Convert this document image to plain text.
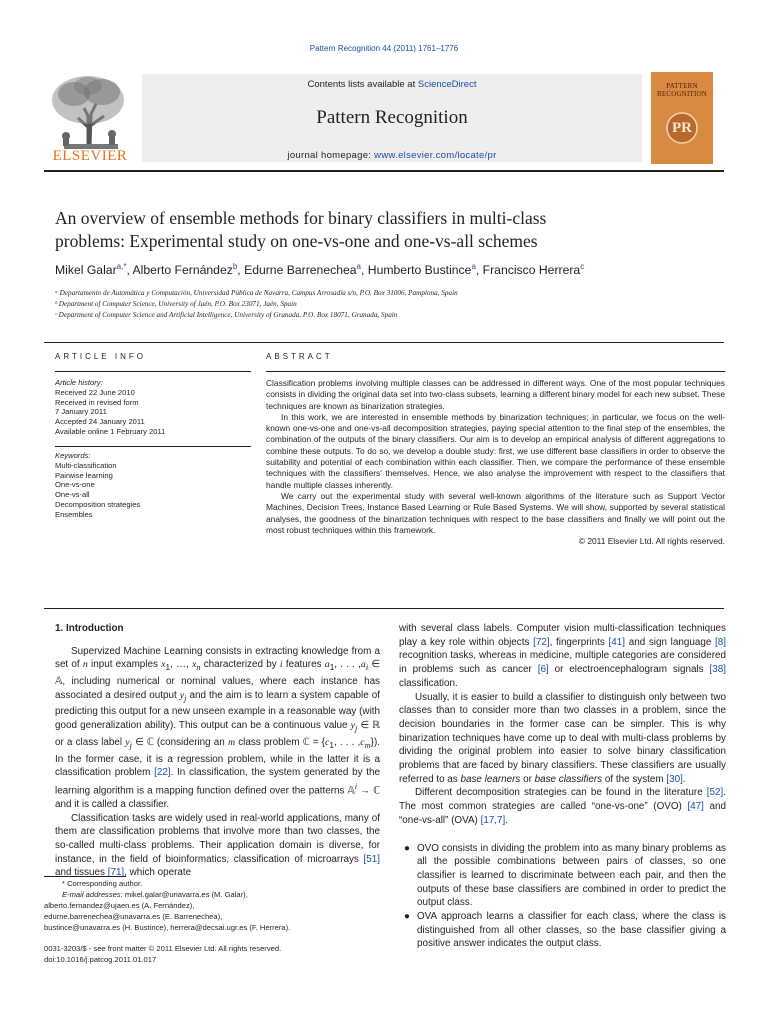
Pattern Recognition 44 (2011) 1761–1776
ELSEVIER
Contents lists available at ScienceDirect
Pattern Recognition
journal homepage: www.elsevier.com/locate/pr
PATTERN RECOGNITION
PR
An overview of ensemble methods for binary classifiers in multi-class
problems: Experimental study on one-vs-one and one-vs-all schemes
Mikel Galar$^{a,*}$, Alberto Fernández$^b$, Edurne Barrenechea$^a$, Humberto Bustince$^a$, Francisco Herrera$^c$
ᵃ Departamento de Automática y Computación, Universidad Pública de Navarra, Campus Arrosadía s/n, P.O. Box 31006, Pamplona, Spain
ᵇ Department of Computer Science, University of Jaén, P.O. Box 23071, Jaén, Spain
ᶜ Department of Computer Science and Artificial Intelligence, University of Granada, P.O. Box 18071, Granada, Spain
ARTICLE INFO
Article history:
Received 22 June 2010
Received in revised form
7 January 2011
Accepted 24 January 2011
Available online 1 February 2011
Keywords:
Multi-classification
Pairwise learning
One-vs-one
One-vs-all
Decomposition strategies
Ensembles
ABSTRACT

Classification problems involving multiple classes can be addressed in different ways. One of the most popular techniques consists in dividing the original data set into two-class subsets, learning a different binary model for each new subset. These techniques are known as binarization strategies.

In this work, we are interested in ensemble methods by binarization techniques; in particular, we focus on the well-known one-vs-one and one-vs-all decomposition strategies, paying special attention to the final step of the ensembles, the combination of the outputs of the binary classifiers. Our aim is to develop an empirical analysis of different aggregations to combine these outputs. To do so, we develop a double study: first, we use different base classifiers in order to observe the suitability and potential of each combination within each classifier. Then, we compare the performance of these ensemble techniques with the classifiers' themselves. Hence, we also analyse the improvement with respect to the classifiers that handle multiple classes inherently.

We carry out the experimental study with several well-known algorithms of the literature such as Support Vector Machines, Decision Trees, Instance Based Learning or Rule Based Systems. We will show, supported by several statistical analyses, the goodness of the binarization techniques with respect to the base classifiers and finally we will point out the most robust techniques within this framework.

© 2011 Elsevier Ltd. All rights reserved.
1. Introduction

Supervized Machine Learning consists in extracting knowledge from a set of n input examples $x_1$, …, $x_n$ characterized by i features $a_1$, . . . $,a_i$ ∈ 𝔸, including numerical or nominal values, where each instance has associated a desired output $y_j$ and the aim is to learn a system capable of predicting this output for a new unseen example in a reasonable way (with good generalization ability). This output can be a continuous value $y_j$ ∈ ℝ or a class label $y_j$ ∈ ℂ (considering an m class problem ℂ = {$c_1$, . . . $,c_m$}). In the former case, it is a regression problem, while in the latter it is a classification problem [22]. In classification, the system generated by the learning algorithm is a mapping function defined over the patterns 𝔸$^i$ → ℂ and it is called a classifier.

Classification tasks are widely used in real-world applications, many of them are classification problems that involve more than two classes, the so-called multi-class problems. Their application domain is diverse, for instance, in the field of bioinformatics, classification of microarrays [51] and tissues [71], which operate

* Corresponding author.
E-mail addresses: mikel.galar@unavarra.es (M. Galar),
alberto.fernandez@ujaen.es (A. Fernández),
edurne.barrenechea@unavarra.es (E. Barrenechea),
bustince@unavarra.es (H. Bustince), herrera@decsai.ugr.es (F. Herrera).
0031-3203/$ - see front matter © 2011 Elsevier Ltd. All rights reserved.
doi:10.1016/j.patcog.2011.01.017

with several class labels. Computer vision multi-classification techniques play a key role within objects [72], fingerprints [41] and sign language [8] recognition tasks, whereas in medicine, multiple categories are considered in problems such as cancer [6] or electroencephalogram signals [38] classification.

Usually, it is easier to build a classifier to distinguish only between two classes than to consider more than two classes in a problem, since the decision boundaries in the former case can be simpler. This is why binarization techniques have come up to deal with multi-class problems by dividing the original problem into easier to solve binary classification problems that are faced by binary classifiers. These classifiers are usually referred to as base learners or base classifiers of the system [30].

Different decomposition strategies can be found in the literature [52]. The most common strategies are called “one-vs-one” (OVO) [47] and “one-vs-all” (OVA) [17,7].

● OVO consists in dividing the problem into as many binary problems as all the possible combinations between pairs of classes, so one classifier is learned to discriminate between each pair, and then the outputs of these base classifiers are combined in order to predict the output class.
● OVA approach learns a classifier for each class, where the class is distinguished from all other classes, so the base classifier giving a positive answer indicates the output class.
